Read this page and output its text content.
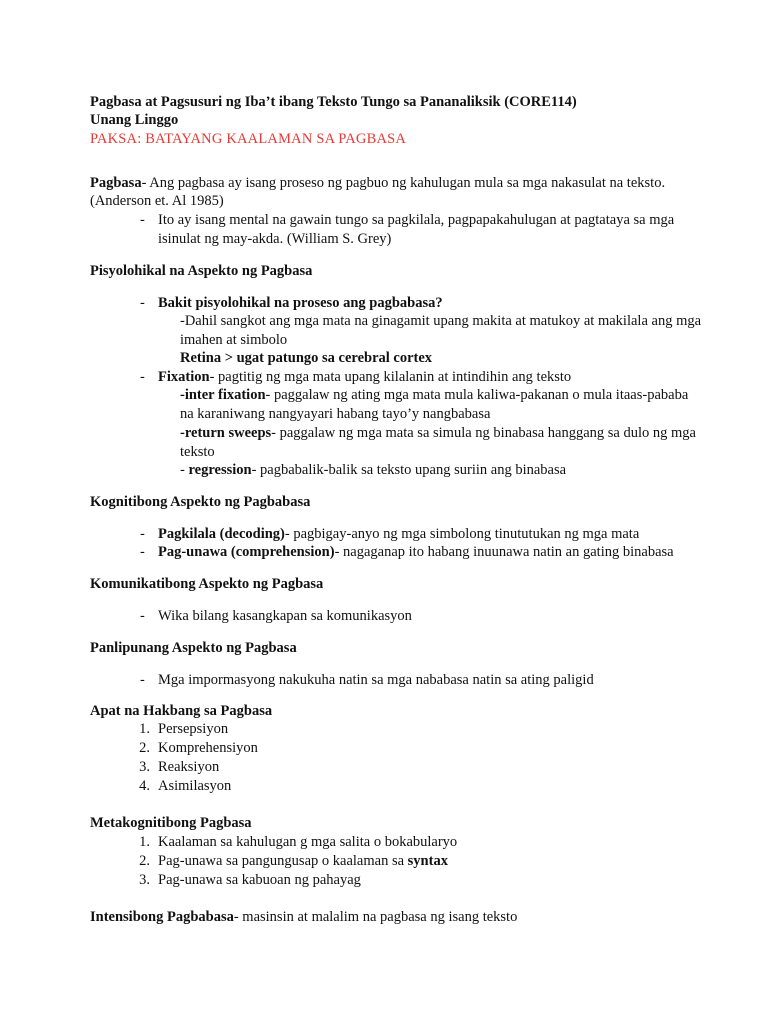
Pagbasa at Pagsusuri ng Iba’t ibang Teksto Tungo sa Pananaliksik (CORE114)
Unang Linggo
PAKSA: BATAYANG KAALAMAN SA PAGBASA
Pagbasa- Ang pagbasa ay isang proseso ng pagbuo ng kahulugan mula sa mga nakasulat na teksto.
(Anderson et. Al 1985)
- Ito ay isang mental na gawain tungo sa pagkilala, pagpapakahulugan at pagtataya sa mga
isinulat ng may-akda. (William S. Grey)
Pisyolohikal na Aspekto ng Pagbasa
- Bakit pisyolohikal na proseso ang pagbabasa?
-Dahil sangkot ang mga mata na ginagamit upang makita at matukoy at makilala ang mga
imahen at simbolo
Retina > ugat patungo sa cerebral cortex
- Fixation- pagtitig ng mga mata upang kilalanin at intindihin ang teksto
-inter fixation- paggalaw ng ating mga mata mula kaliwa-pakanan o mula itaas-pababa
na karaniwang nangyayari habang tayo’y nangbabasa
-return sweeps- paggalaw ng mga mata sa simula ng binabasa hanggang sa dulo ng mga
teksto
- regression- pagbabalik-balik sa teksto upang suriin ang binabasa
Kognitibong Aspekto ng Pagbabasa
- Pagkilala (decoding)- pagbigay-anyo ng mga simbolong tinututukan ng mga mata
- Pag-unawa (comprehension)- nagaganap ito habang inuunawa natin an gating binabasa
Komunikatibong Aspekto ng Pagbasa
- Wika bilang kasangkapan sa komunikasyon
Panlipunang Aspekto ng Pagbasa
- Mga impormasyong nakukuha natin sa mga nababasa natin sa ating paligid
Apat na Hakbang sa Pagbasa
1. Persepsiyon
2. Komprehensiyon
3. Reaksiyon
4. Asimilasyon
Metakognitibong Pagbasa
1. Kaalaman sa kahulugan g mga salita o bokabularyo
2. Pag-unawa sa pangungusap o kaalaman sa syntax
3. Pag-unawa sa kabuoan ng pahayag
Intensibong Pagbabasa- masinsin at malalim na pagbasa ng isang teksto
